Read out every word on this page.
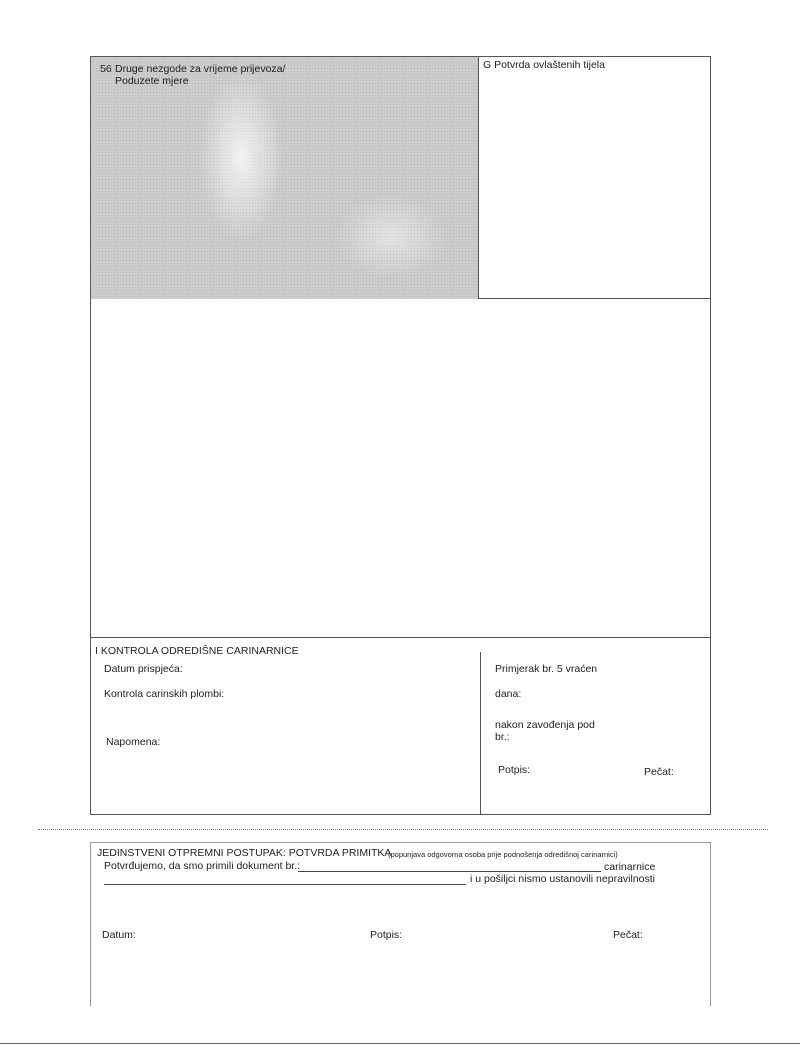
56 Druge nezgode za vrijeme prijevoza/
Poduzete mjere
G Potvrda ovlaštenih tijela
I KONTROLA ODREDIŠNE CARINARNICE
Datum prispjeća:
Kontrola carinskih plombi:
Napomena:
Primjerak br. 5 vraćen
dana:
nakon zavođenja pod
br.:
Potpis:	Pečat:
JEDINSTVENI OTPREMNI POSTUPAK: POTVRDA PRIMITKA
(popunjava odgovorna osoba prije podnošenja odredišnoj carinarnici)
Potvrđujemo, da smo primili dokument br.:	carinarnice
i u pošiljci nismo ustanovili nepravilnosti
Datum:	Potpis:	Pečat:
